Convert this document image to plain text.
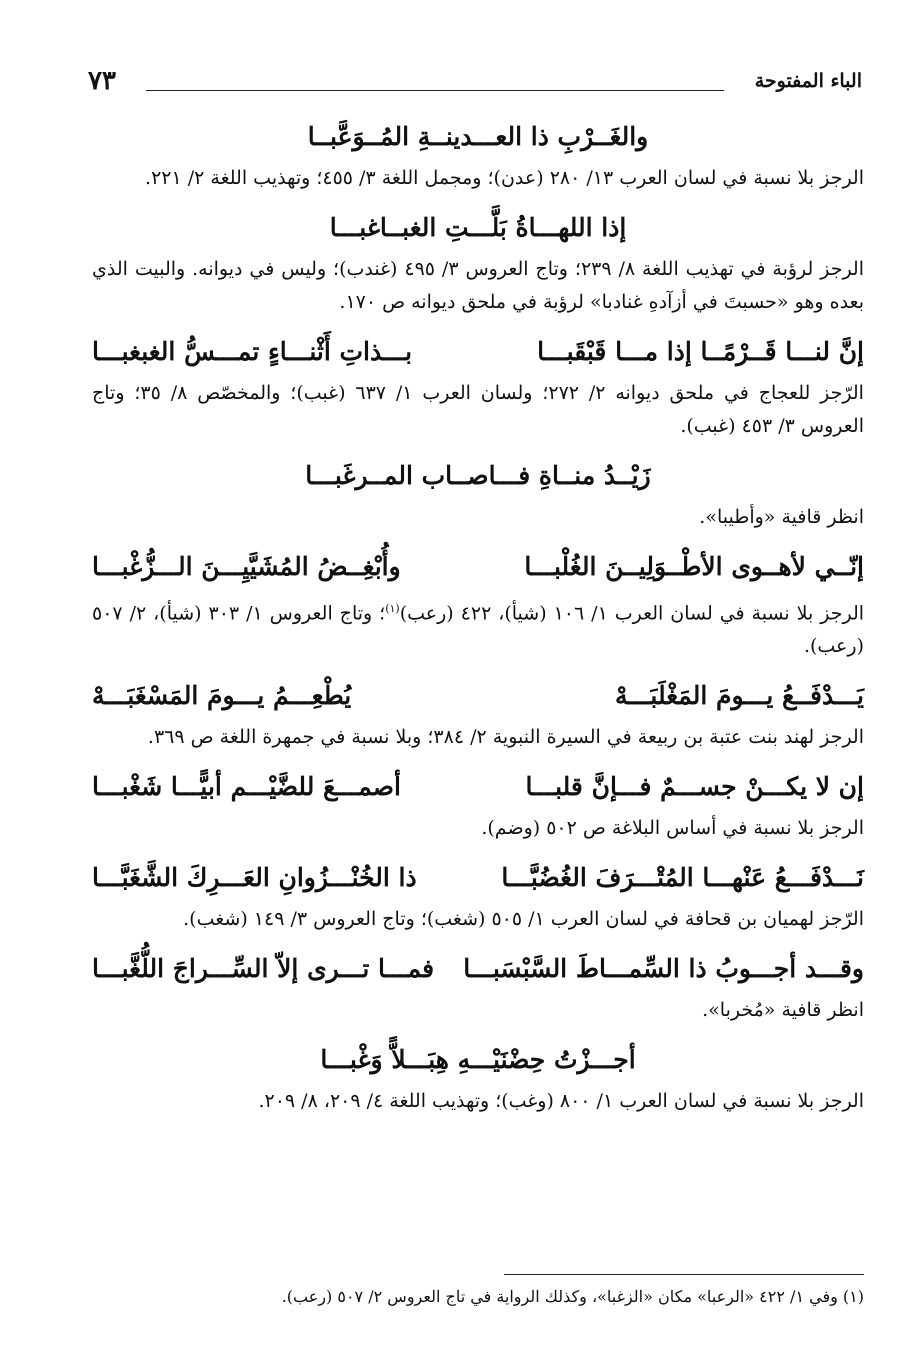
الباء المفتوحة
٧٣
والغَــرْبِ ذا العـــدينــةِ المُــوَعَّبــا
الرجز بلا نسبة في لسان العرب ١٣/ ٢٨٠ (عدن)؛ ومجمل اللغة ٣/ ٤٥٥؛ وتهذيب اللغة ٢/ ٢٢١.
إذا اللهـــاةُ بَلَّـــتِ الغبــاغبـــا
الرجز لرؤبة في تهذيب اللغة ٨/ ٢٣٩؛ وتاج العروس ٣/ ٤٩٥ (غندب)؛ وليس في ديوانه. والبيت الذي بعده وهو «حسبتَ في أزآدهِ غنادبا» لرؤبة في ملحق ديوانه ص ١٧٠.
إنَّ لنـــا قَــرْمًــا إذا مـــا قَبْقَبـــا
بـــذاتِ أَثْنـــاءٍ تمـــسُّ الغبغبـــا
الرّجز للعجاج في ملحق ديوانه ٢/ ٢٧٢؛ ولسان العرب ١/ ٦٣٧ (غبب)؛ والمخصّص ٨/ ٣٥؛ وتاج العروس ٣/ ٤٥٣ (غبب).
زَيْــدُ منــاةِ فـــاصــاب المــرغَبـــا
انظر قافية «وأطيبا».
إنّــي لأهــوى الأطْــوَلِيــنَ الغُلْبـــا
وأُبْغِــضُ المُشَيَّيِـــنَ الـــزُّغْبـــا
الرجز بلا نسبة في لسان العرب ١/ ١٠٦ (شيأ)، ٤٢٢ (رعب)$^{(١)}$؛ وتاج العروس ١/ ٣٠٣ (شيأ)، ٢/ ٥٠٧ (رعب).
يَـــدْفَــعُ يـــومَ المَغْلَبَـــهْ
يُطْعِـــمُ يـــومَ المَسْغَبَـــهْ
الرجز لهند بنت عتبة بن ربيعة في السيرة النبوية ٢/ ٣٨٤؛ وبلا نسبة في جمهرة اللغة ص ٣٦٩.
إن لا يكـــنْ جســـمٌ فـــإنَّ قلبـــا
أصمـــعَ للضَّيْـــم أبيًّـــا شَغْبـــا
الرجز بلا نسبة في أساس البلاغة ص ٥٠٢ (وضم).
نَـــدْفَـــعُ عَنْهـــا المُتْـــرَفَ الغُضُبَّـــا
ذا الخُنْـــزُوانِ العَـــرِكَ الشَّغَبَّـــا
الرّجز لهميان بن قحافة في لسان العرب ١/ ٥٠٥ (شغب)؛ وتاج العروس ٣/ ١٤٩ (شغب).
وقـــد أجـــوبُ ذا السِّمـــاطَ السَّبْسَبـــا
فمـــا تـــرى إلاّ السِّـــراجَ اللُّغَّبـــا
انظر قافية «مُخربا».
أجـــزْتُ حِضْنَيْـــهِ هِبَـــلاًّ وَغْبـــا
الرجز بلا نسبة في لسان العرب ١/ ٨٠٠ (وغب)؛ وتهذيب اللغة ٤/ ٢٠٩، ٨/ ٢٠٩.
(١) وفي ١/ ٤٢٢ «الرعبا» مكان «الزغبا»، وكذلك الرواية في تاج العروس ٢/ ٥٠٧ (رعب).
